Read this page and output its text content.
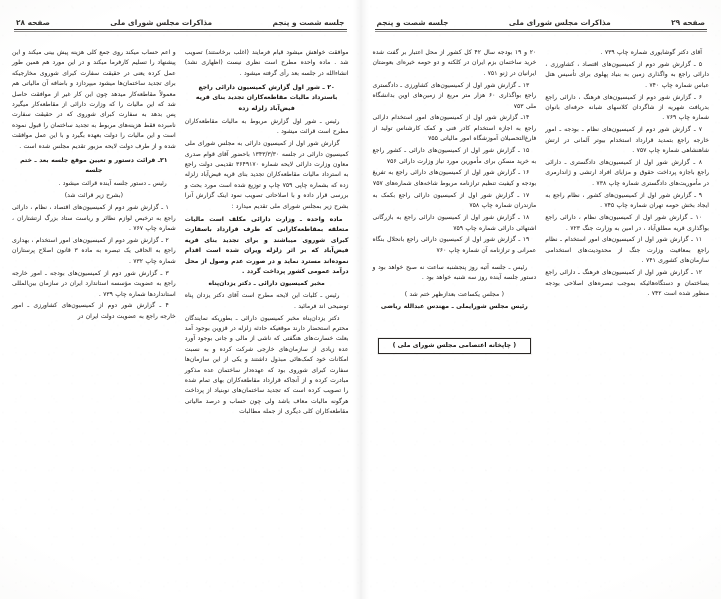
صفحه ۲۹
مذاکرات مجلس شورای ملی
جلسه شصت و پنجم

آقای دکتر گوشایوری شماره چاپ ۷۳۹ .

۵ ـ گزارش شور دوم از کمیسیون‌های اقتصاد ، کشاورزی ، دارائی راجع به واگذاری زمین به بنیاد پهلوی برای تأسیس هتل عباس شماره چاپ ۷۴۰ .

۶ ـ گزارش شور دوم از کمیسیون‌های فرهنگ ، دارائی راجع بدریافت شهریه از شاگردان کلاسهای شبانه حرفه‌ای بانوان شماره چاپ ۷۶۹ .

۷ ـ گزارش شور دوم از کمیسیون‌های نظام ـ بودجه ـ امور خارجه راجع بتمدید قرارداد استخدام بیوتر آلمانی در ارتش شاهنشاهی شماره چاپ ۷۵۷ .

۸ ـ گزارش شور اول از کمیسیون‌های دادگستری ـ دارائی راجع باجازه پرداخت حقوق و مزایای افراد ارتشی و ژاندارمری در مأموریت‌های دادگستری شماره چاپ ۷۳۸ .

۹ ـ گزارش شور اول از کمیسیون‌های کشور ، نظام راجع به ایجاد بخش حومه تهران شماره چاپ ۷۴۵ .

۱۰ ـ گزارش شور اول از کمیسیون‌های نظام ، دارائی راجع بواگذاری قریه مطلق‌آباد ، در امین به وزارت جنگ ۷۲۳ .

۱۱ ـ گزارش شور اول از کمیسیون‌های امور استخدام ـ نظام راجع بمعافیت وزارت جنگ از محدودیت‌های استخدامی سازمان‌های کشوری ۷۴۱ .

۱۲ ـ گزارش شور اول از کمیسیون‌های فرهنگ ـ دارائی راجع بساختمان و دستگاه‌هائیکه بموجب تبصره‌های اصلاحی بودجه منظور شده است ۷۴۲ .

۲۰ و ۱۹ بودجه سال ۴۲ کل کشور از محل اعتبار بر گفت شده خرید ساختمان بزم ایران در کلکته و دو حومه خیره‌ای بعوضتان ایرانیان در ژنو ۷۵۱ .

۱۳ ـ گزارش شور اول از کمیسیون‌های کشاورزی ـ دادگستری راجع بواگذاری ۶۰ هزار متر مربع از زمین‌های اوین بدانشگاه ملی ۷۵۳

۱۴ـ گزارش شور اول از کمیسیون‌های امور استخدام دارائی راجع به اجازه استخدام کادر فنی و کمک کارشناس تولید از فارغ‌التحصیلان آموزشگاه امور مالیاتی ۷۵۵

۱۵ ـ گزارش شور اول از کمیسیون‌های دارائی ـ کشور راجع به خرید مسکن برای مأمورین مورد نیاز وزارت دارائی ۷۵۶

۱۶ ـ گزارش شور اول از کمیسیون‌های دارائی راجع به تفریغ بودجه و کیفیت تنظیم ترازنامه مربوط شاخه‌های شماره‌های ۷۵۷

۱۷ ـ گزارش شور اول از کمیسیون دارائی راجع بکمک به مازندران شماره چاپ ۷۵۸

۱۸ ـ گزارش شور اول از کمیسیون دارائی راجع به بازرگانی اشتهائی دارائی شماره چاپ ۷۵۹

۱۹ ـ گزارش شور اول از کمیسیون دارائی راجع بانحلال بنگاه عمرانی و ترازنامه آن شماره چاپ ۷۶۰

رئیس ـ جلسه آتیه روز پنجشنبه ساعت نه صبح خواهد بود و دستور جلسه آینده روز سه شنبه خواهد بود .

( مجلس یکساعت بعدازظهر ختم شد )

رئیس مجلس شورایملی ـ مهندس عبدالله ریاضی

( چاپخانه اعتصامی مجلس شورای ملی )
جلسه شصت و پنجم
مذاکرات مجلس شورای ملی
صفحه ۲۸

موافقت خواهش میشود قیام فرمایند (اغلب برخاستند) تصویب شد . ماده واحده مطرح است نظری نیست (اظهاری نشد) انشاءالله در جلسه بعد رأی گرفته میشود .

۲۰ ـ شور اول گزارش کمیسیون دارائی راجع باسترداد مالیات مقاطعه‌کاران تجدید بنای قریه فیض‌آباد زلزله زده

رئیس ـ شور اول گزارش مربوط به مالیات مقاطعه‌کاران مطرح است قرائت میشود .

گزارش شور اول از کمیسیون دارائی به مجلس شورای ملی کمیسیون دارائی در جلسه ۱۳۴۳/۳/۳۰ باحضور آقای قوام صدری معاون وزارت دارائی لایحه شماره ۳۶۴۹۱۷۰ تقدیمی دولت راجع به استرداد مالیات مقاطعه‌کاران تجدید بنای قریه فیض‌آباد زلزله زده که بشماره چاپی ۷۵۹ چاپ و توزیع شده است مورد بحث و بررسی قرار داده و با اصلاحاتی تصویب نمود اینک گزارش آنرا بشرح زیر بمجلس شورای ملی تقدیم میدارد :

ماده واحده ـ وزارت دارائی مکلف است مالیات متعلقه بمقاطعه‌کارانی که طرف قرارداد باسفارت کبرای شوروی میباشند و برای تجدید بنای قریه فیض‌آباد که بر اثر زلزله ویران شده است اقدام نموده‌اند مسترد نماید و در صورت عدم وصول از محل درآمد عمومی کشور پرداخت گردد .

مخبر کمیسیون دارائی ـ دکتر یزدان‌پناه

رئیس ـ کلیات این لایحه مطرح است آقای دکتر یزدان پناه توضیحی اند فرمائید .

دکتر یزدان‌پناه مخبر کمیسیون دارائی ـ بطوریکه نمایندگان محترم استحضار دارند موقعیکه حادثه زلزله در قزوین بوجود آمد بعلت خسارت‌های هنگفتی که ناشی از مالی و جانی بوجود آورد عده زیادی از سازمان‌های خارجی شرکت کرده و به نسبت امکانات خود کمک‌هائی مبذول داشتند و یکی از این سازمان‌ها سفارت کبرای شوروی بود که عهده‌دار ساختمان عده مذکور مبادرت کرده و از آنجاکه قرارداد مقاطعه‌کاران بهای تمام شده را تصویب کرده است که تجدید ساختمان‌های نوبنیاد از پرداخت هرگونه مالیات معاف باشد ولی چون حساب و درصد مالیاتی مقاطعه‌کاران کلی دیگری از جمله مطالبات

و اعم حساب میکند روی جمع کلی هزینه پیش بینی میکند و این پیشنهاد را تسلیم کارفرما میکند و در این مورد هم همین طور عمل کرده یعنی در حقیقت سفارت کبرای شوروی مخارجیکه برای تجدید ساختمان‌ها میشود میپردازد و باضافه آن مالیاتی هم معمولاً مقاطعه‌کار میدهد چون این کار غیر از موافقت حاصل شد که این مالیات را که وزارت دارائی از مقاطعه‌کار میگیرد پس بدهد به سفارت کبرای شوروی که در حقیقت سفارت نامبرده فقط هزینه‌های مربوط به تجدید ساختمان را قبول نموده است و این مالیات را دولت بعهده بگیرد و با این عمل موافقت شده و از طرف دولت لایحه مزبور تقدیم مجلس شده است .

۲۱ـ قرائت دستور و تعیین موقع جلسه بعد ـ ختم جلسه

رئیس ـ دستور جلسه آینده قرائت میشود .

(بشرح زیر قرائت شد)

۱ ـ گزارش شور دوم از کمیسیون‌های اقتصاد ، نظام ، دارائی راجع به ترخیص لوازم نظائر و ریاست ستاد بزرگ ارتشتاران ، شماره چاپ ۷۶۷ .

۲ ـ گزارش شور دوم از کمیسیون‌های امور استخدام ، بهداری راجع به الحاقی یک تبصره به ماده ۳ قانون اصلاح پرستاران شماره چاپ ۷۳۲ .

۳ ـ گزارش شور دوم از کمیسیون‌های بودجه ـ امور خارجه راجع به عضویت مؤسسه استاندارد ایران در سازمان بین‌المللی استانداردها شماره چاپ ۷۳۹ .

۴ ـ گزارش شور دوم از کمیسیون‌های کشاورزی ـ امور خارجه راجع به عضویت دولت ایران در
